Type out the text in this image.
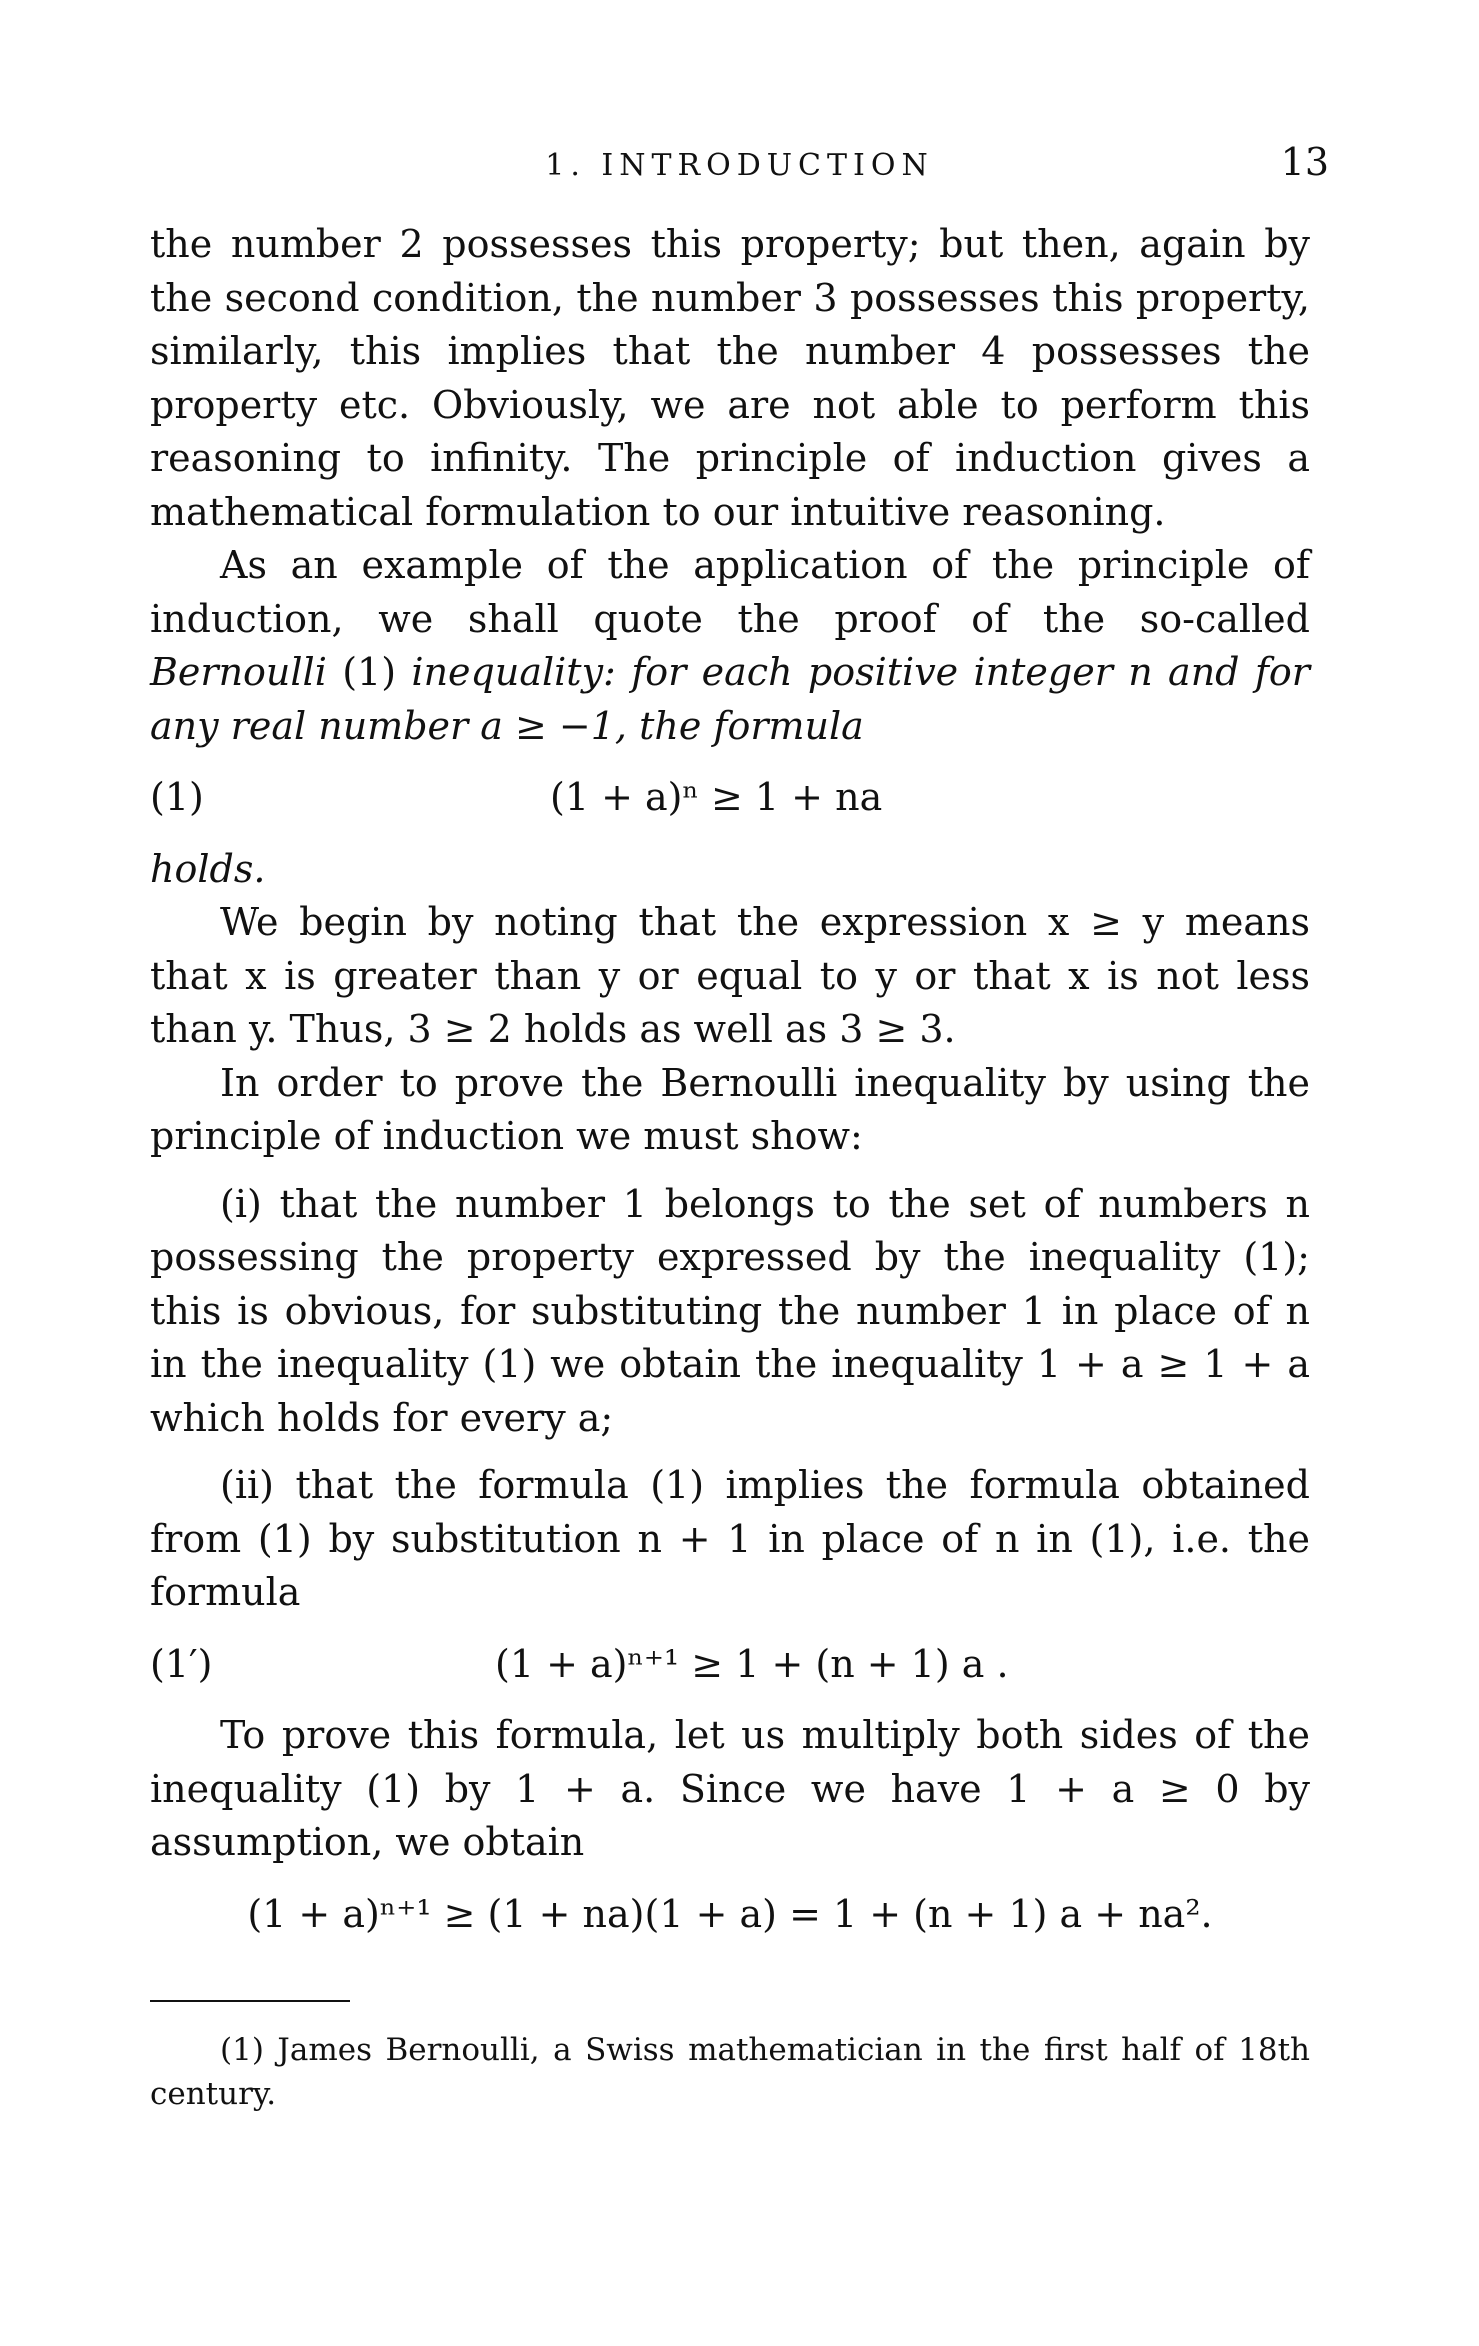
1. INTRODUCTION	13

the number 2 possesses this property; but then, again by the second condition, the number 3 possesses this property, similarly, this implies that the number 4 possesses the property etc. Obviously, we are not able to perform this reasoning to infinity. The principle of induction gives a mathematical formulation to our intuitive reasoning.

As an example of the application of the principle of induction, we shall quote the proof of the so-called Bernoulli (1) inequality: for each positive integer n and for any real number a ≥ −1, the formula

(1)	(1 + a)ⁿ ≥ 1 + na

holds.

We begin by noting that the expression x ≥ y means that x is greater than y or equal to y or that x is not less than y. Thus, 3 ≥ 2 holds as well as 3 ≥ 3.

In order to prove the Bernoulli inequality by using the principle of induction we must show:

(i) that the number 1 belongs to the set of numbers n possessing the property expressed by the inequality (1); this is obvious, for substituting the number 1 in place of n in the inequality (1) we obtain the inequality 1 + a ≥ 1 + a which holds for every a;

(ii) that the formula (1) implies the formula obtained from (1) by substitution n + 1 in place of n in (1), i.e. the formula

(1′)	(1 + a)ⁿ⁺¹ ≥ 1 + (n + 1) a .

To prove this formula, let us multiply both sides of the inequality (1) by 1 + a. Since we have 1 + a ≥ 0 by assumption, we obtain

(1 + a)ⁿ⁺¹ ≥ (1 + na)(1 + a) = 1 + (n + 1) a + na².
(1) James Bernoulli, a Swiss mathematician in the first half of 18th century.
